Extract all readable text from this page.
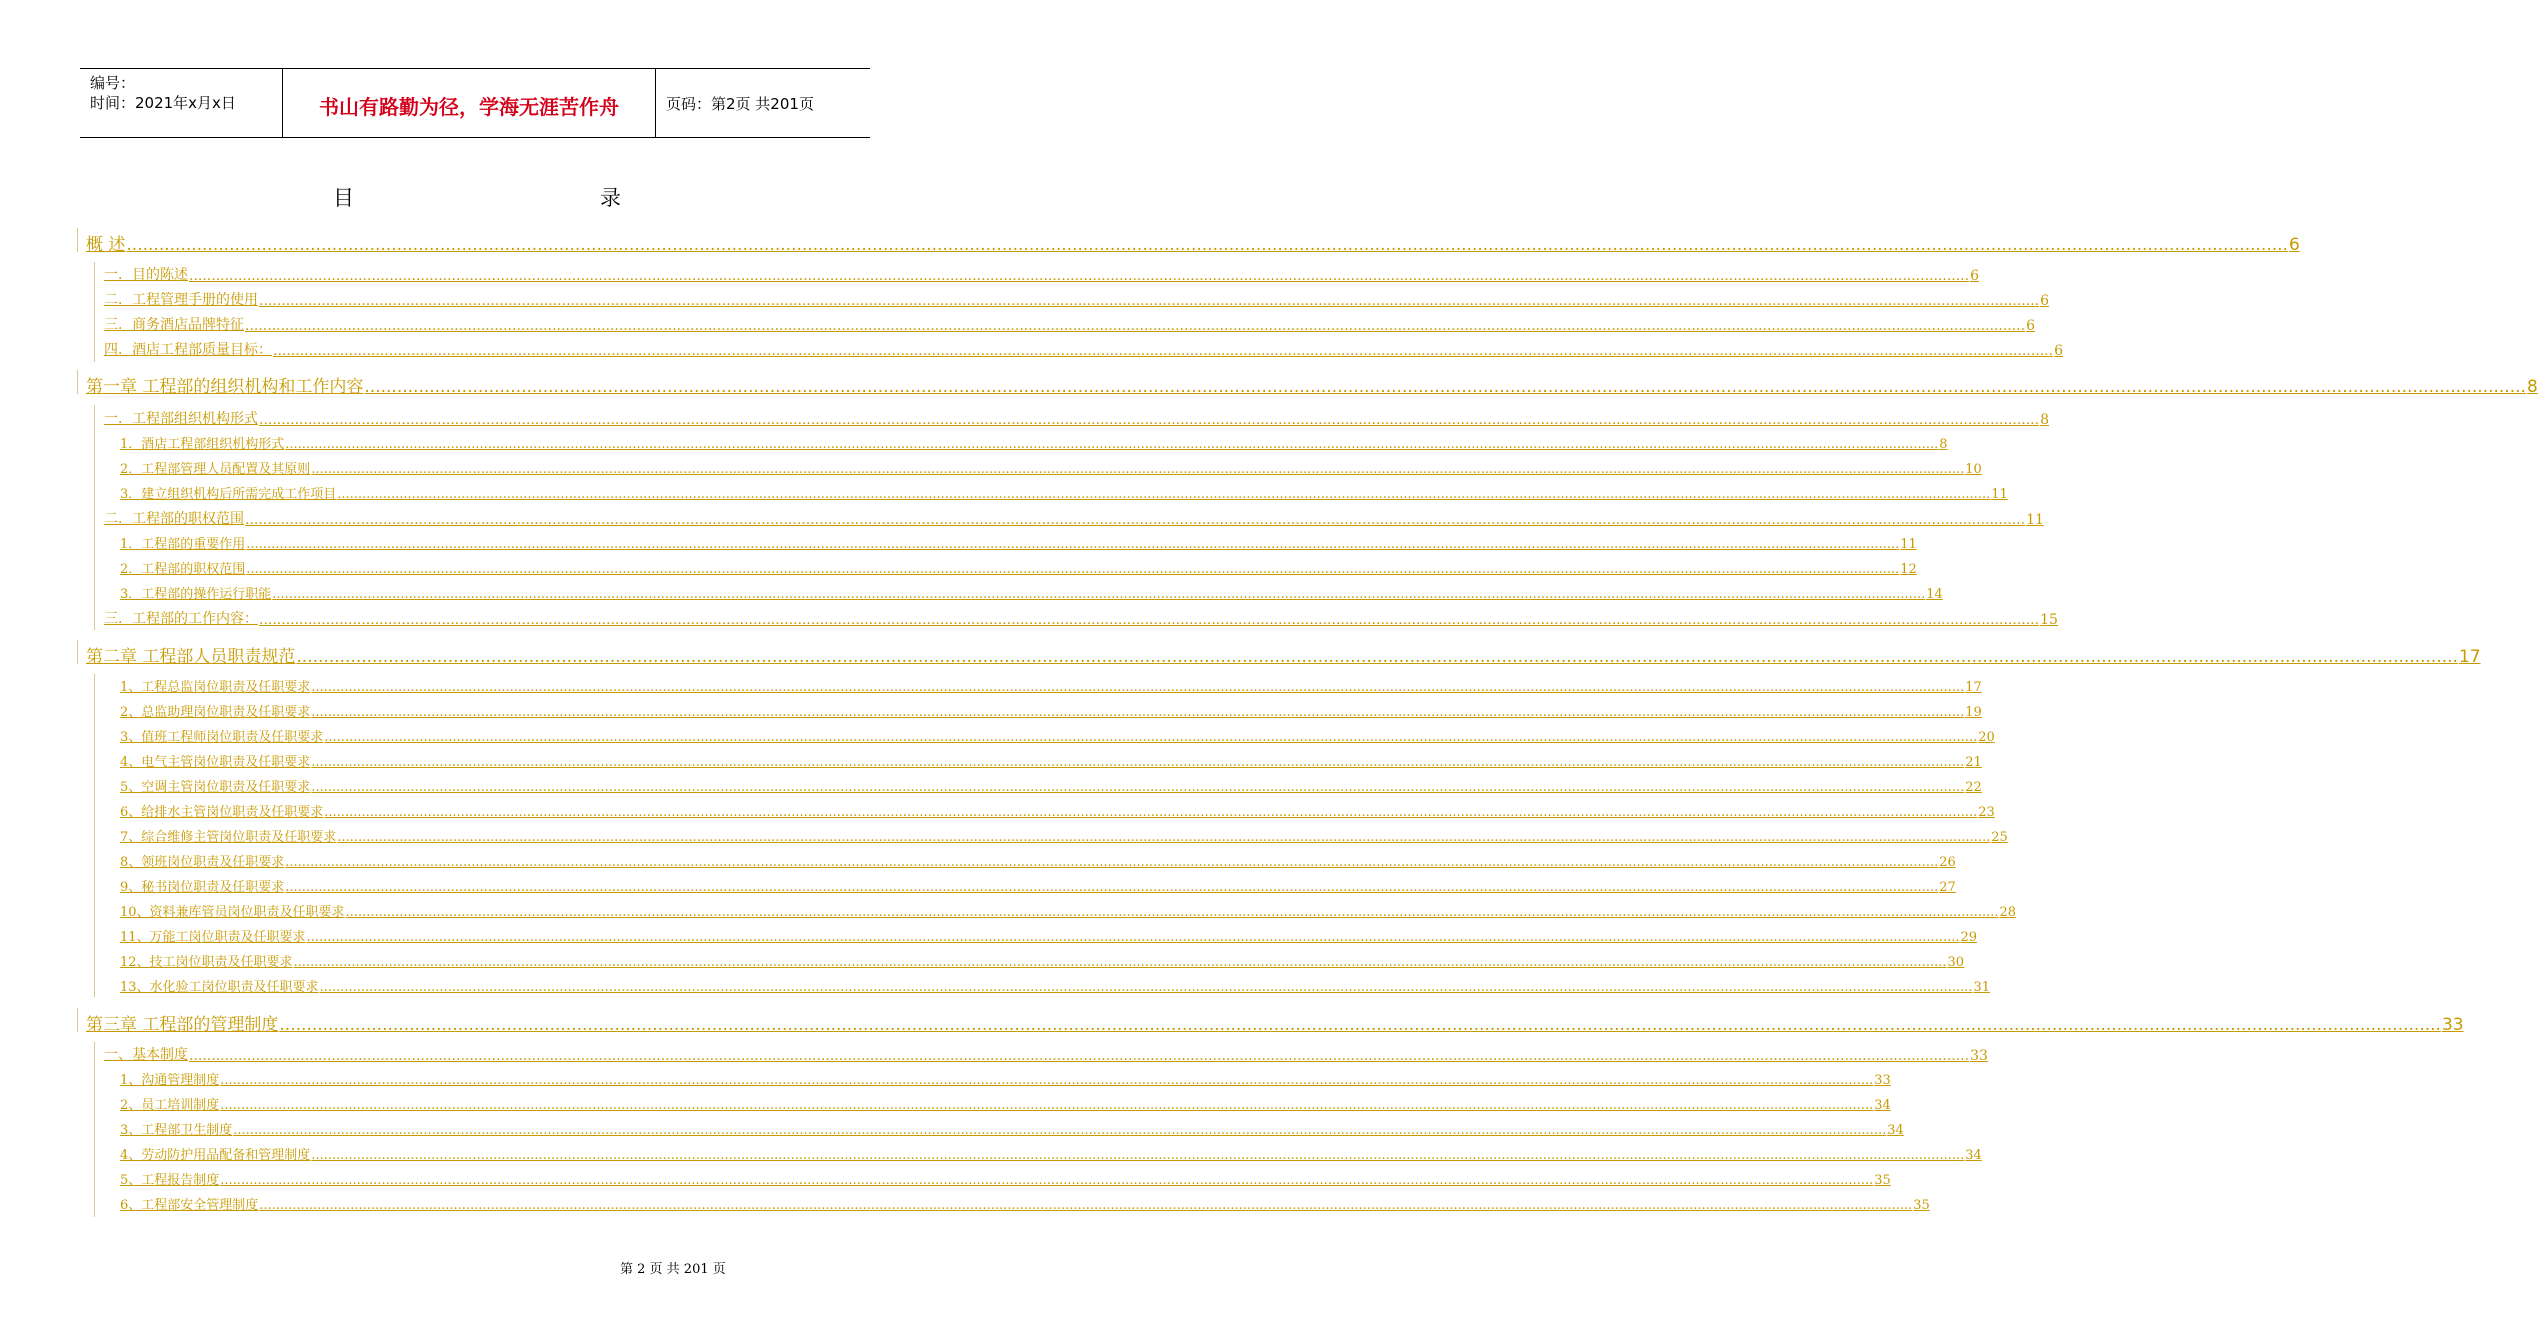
编号：
时间：2021年x月x日	书山有路勤为径，学海无涯苦作舟	页码：第2页 共201页
目	录
概 述 ................................................................................................................................................................................................................................................................................................................................................................................................................ 6
一．目的陈述 ................................................................................................................................................................................................................................................................................................................................................................................................................ 6
二．工程管理手册的使用 ................................................................................................................................................................................................................................................................................................................................................................................................................ 6
三．商务酒店品牌特征 ................................................................................................................................................................................................................................................................................................................................................................................................................ 6
四．酒店工程部质量目标： ................................................................................................................................................................................................................................................................................................................................................................................................................ 6
第一章 工程部的组织机构和工作内容 ................................................................................................................................................................................................................................................................................................................................................................................................................ 8
一．工程部组织机构形式 ................................................................................................................................................................................................................................................................................................................................................................................................................ 8
1．酒店工程部组织机构形式 ................................................................................................................................................................................................................................................................................................................................................................................................................ 8
2．工程部管理人员配置及其原则 ................................................................................................................................................................................................................................................................................................................................................................................................................ 10
3．建立组织机构后所需完成工作项目 ................................................................................................................................................................................................................................................................................................................................................................................................................ 11
二．工程部的职权范围 ................................................................................................................................................................................................................................................................................................................................................................................................................ 11
1．工程部的重要作用 ................................................................................................................................................................................................................................................................................................................................................................................................................ 11
2．工程部的职权范围 ................................................................................................................................................................................................................................................................................................................................................................................................................ 12
3．工程部的操作运行职能 ................................................................................................................................................................................................................................................................................................................................................................................................................ 14
三．工程部的工作内容： ................................................................................................................................................................................................................................................................................................................................................................................................................ 15
第二章 工程部人员职责规范 ................................................................................................................................................................................................................................................................................................................................................................................................................ 17
1、工程总监岗位职责及任职要求 ................................................................................................................................................................................................................................................................................................................................................................................................................ 17
2、总监助理岗位职责及任职要求 ................................................................................................................................................................................................................................................................................................................................................................................................................ 19
3、值班工程师岗位职责及任职要求 ................................................................................................................................................................................................................................................................................................................................................................................................................ 20
4、电气主管岗位职责及任职要求 ................................................................................................................................................................................................................................................................................................................................................................................................................ 21
5、空调主管岗位职责及任职要求 ................................................................................................................................................................................................................................................................................................................................................................................................................ 22
6、给排水主管岗位职责及任职要求 ................................................................................................................................................................................................................................................................................................................................................................................................................ 23
7、综合维修主管岗位职责及任职要求 ................................................................................................................................................................................................................................................................................................................................................................................................................ 25
8、领班岗位职责及任职要求 ................................................................................................................................................................................................................................................................................................................................................................................................................ 26
9、秘书岗位职责及任职要求 ................................................................................................................................................................................................................................................................................................................................................................................................................ 27
10、资料兼库管员岗位职责及任职要求 ................................................................................................................................................................................................................................................................................................................................................................................................................ 28
11、万能工岗位职责及任职要求 ................................................................................................................................................................................................................................................................................................................................................................................................................ 29
12、技工岗位职责及任职要求 ................................................................................................................................................................................................................................................................................................................................................................................................................ 30
13、水化验工岗位职责及任职要求 ................................................................................................................................................................................................................................................................................................................................................................................................................ 31
第三章 工程部的管理制度 ................................................................................................................................................................................................................................................................................................................................................................................................................ 33
一、基本制度 ................................................................................................................................................................................................................................................................................................................................................................................................................ 33
1、沟通管理制度 ................................................................................................................................................................................................................................................................................................................................................................................................................ 33
2、员工培训制度 ................................................................................................................................................................................................................................................................................................................................................................................................................ 34
3、工程部卫生制度 ................................................................................................................................................................................................................................................................................................................................................................................................................ 34
4、劳动防护用品配备和管理制度 ................................................................................................................................................................................................................................................................................................................................................................................................................ 34
5、工程报告制度 ................................................................................................................................................................................................................................................................................................................................................................................................................ 35
6、工程部安全管理制度 ................................................................................................................................................................................................................................................................................................................................................................................................................ 35
第 2 页 共 201 页
